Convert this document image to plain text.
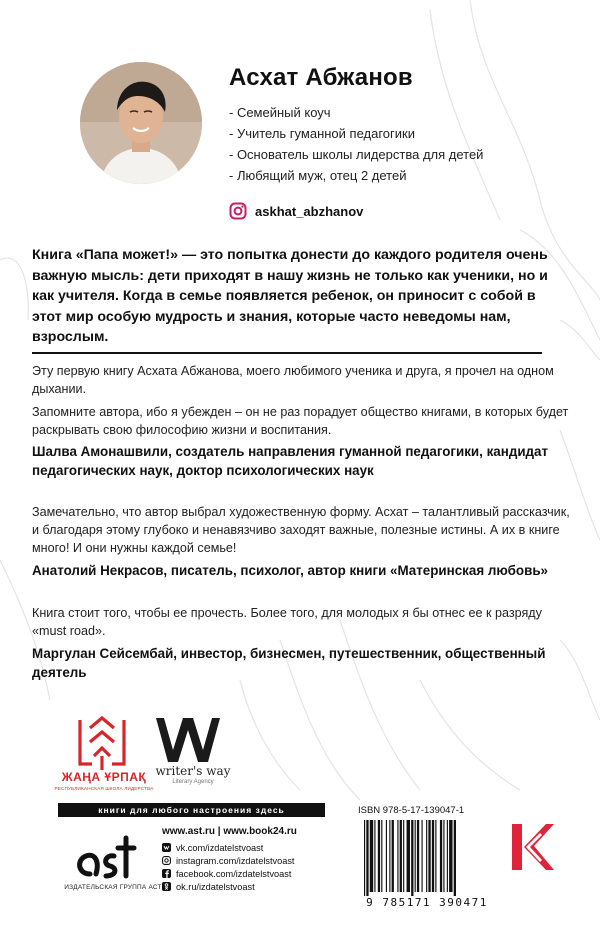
Асхат Абжанов
- Семейный коуч
- Учитель гуманной педагогики
- Основатель школы лидерства для детей
- Любящий муж, отец 2 детей
askhat_abzhanov
Книга «Папа может!» — это попытка донести до каждого родителя очень важную мысль: дети приходят в нашу жизнь не только как ученики, но и как учителя. Когда в семье появляется ребенок, он приносит с собой в этот мир особую мудрость и знания, которые часто неведомы нам, взрослым.

Эту первую книгу Асхата Абжанова, моего любимого ученика и друга, я прочел на одном дыхании.

Запомните автора, ибо я убежден – он не раз порадует общество книгами, в которых будет раскрывать свою философию жизни и воспитания.

Шалва Амонашвили, создатель направления гуманной педагогики, кандидат педагогических наук, доктор психологических наук

Замечательно, что автор выбрал художественную форму. Асхат – талантливый рассказчик, и благодаря этому глубоко и ненавязчиво заходят важные, полезные истины. А их в книге много! И они нужны каждой семье!

Анатолий Некрасов, писатель, психолог, автор книги «Материнская любовь»

Книга стоит того, чтобы ее прочесть. Более того, для молодых я бы отнес ее к разряду «must road».

Маргулан Сейсембай, инвестор, бизнесмен, путешественник, общественный деятель

ЖАҢА ҰРПАҚ
РЕСПУБЛИКАНСКАЯ ШКОЛА ЛИДЕРСТВА
writer's way
Literary Agency
книги для любого настроения здесь
ИЗДАТЕЛЬСКАЯ ГРУППА АСТ
www.ast.ru | www.book24.ru
vk.com/izdatelstvoast
instagram.com/izdatelstvoast
facebook.com/izdatelstvoast
ok.ru/izdatelstvoast
ISBN 978-5-17-139047-1
9 785171 390471
